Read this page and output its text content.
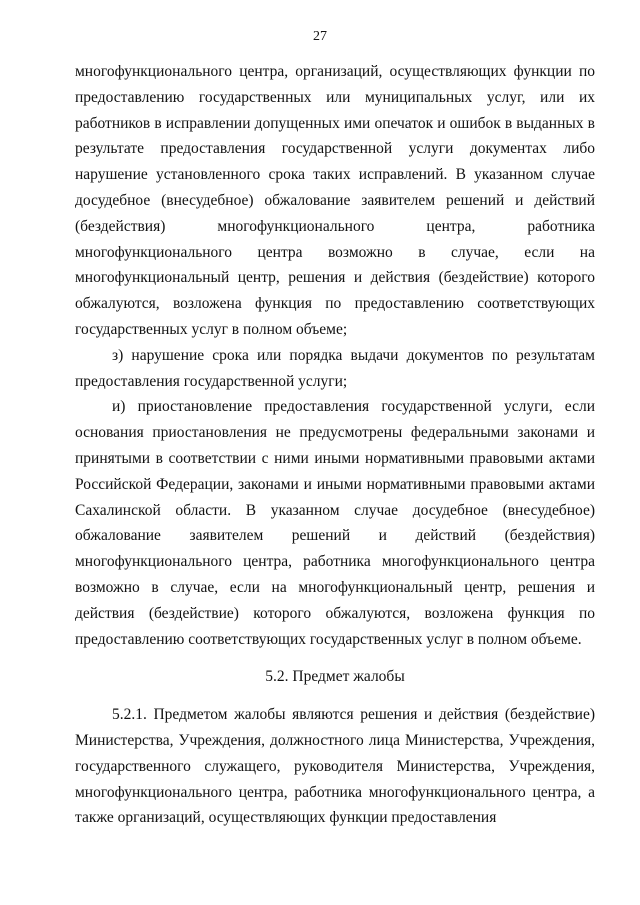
27

многофункционального центра, организаций, осуществляющих функции по предоставлению государственных или муниципальных услуг, или их работников в исправлении допущенных ими опечаток и ошибок в выданных в результате предоставления государственной услуги документах либо нарушение установленного срока таких исправлений. В указанном случае досудебное (внесудебное) обжалование заявителем решений и действий (бездействия) многофункционального центра, работника многофункционального центра возможно в случае, если на многофункциональный центр, решения и действия (бездействие) которого обжалуются, возложена функция по предоставлению соответствующих государственных услуг в полном объеме;

з) нарушение срока или порядка выдачи документов по результатам предоставления государственной услуги;

и) приостановление предоставления государственной услуги, если основания приостановления не предусмотрены федеральными законами и принятыми в соответствии с ними иными нормативными правовыми актами Российской Федерации, законами и иными нормативными правовыми актами Сахалинской области. В указанном случае досудебное (внесудебное) обжалование заявителем решений и действий (бездействия) многофункционального центра, работника многофункционального центра возможно в случае, если на многофункциональный центр, решения и действия (бездействие) которого обжалуются, возложена функция по предоставлению соответствующих государственных услуг в полном объеме.

5.2. Предмет жалобы

5.2.1. Предметом жалобы являются решения и действия (бездействие) Министерства, Учреждения, должностного лица Министерства, Учреждения, государственного служащего, руководителя Министерства, Учреждения, многофункционального центра, работника многофункционального центра, а также организаций, осуществляющих функции предоставления
